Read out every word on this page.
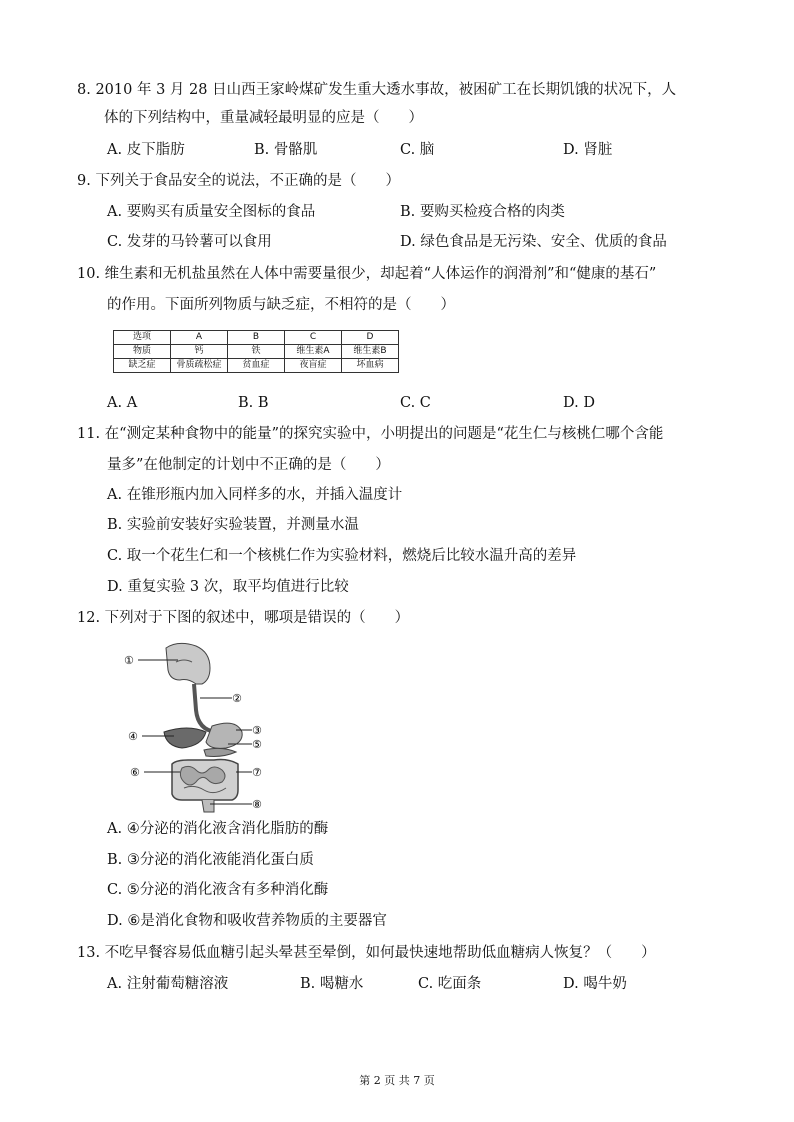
8. 2010 年 3 月 28 日山西王家岭煤矿发生重大透水事故，被困矿工在长期饥饿的状况下，人
体的下列结构中，重量减轻最明显的应是（　　）
A. 皮下脂肪	B. 骨骼肌	C. 脑	D. 肾脏
9. 下列关于食品安全的说法，不正确的是（　　）
A. 要购买有质量安全图标的食品	B. 要购买检疫合格的肉类
C. 发芽的马铃薯可以食用	D. 绿色食品是无污染、安全、优质的食品
10. 维生素和无机盐虽然在人体中需要量很少，却起着“人体运作的润滑剂”和“健康的基石”
的作用。下面所列物质与缺乏症，不相符的是（　　）
选项	A	B	C	D
物质	钙	铁	维生素A	维生素B
缺乏症	骨质疏松症	贫血症	夜盲症	坏血病
A. A	B. B	C. C	D. D
11. 在“测定某种食物中的能量”的探究实验中，小明提出的问题是“花生仁与核桃仁哪个含能
量多”在他制定的计划中不正确的是（　　）
A. 在锥形瓶内加入同样多的水，并插入温度计
B. 实验前安装好实验装置，并测量水温
C. 取一个花生仁和一个核桃仁作为实验材料，燃烧后比较水温升高的差异
D. 重复实验 3 次，取平均值进行比较
12. 下列对于下图的叙述中，哪项是错误的（　　）
①
②
③
④
⑤
⑥	⑦
⑧
A. ④分泌的消化液含消化脂肪的酶
B. ③分泌的消化液能消化蛋白质
C. ⑤分泌的消化液含有多种消化酶
D. ⑥是消化食物和吸收营养物质的主要器官
13. 不吃早餐容易低血糖引起头晕甚至晕倒，如何最快速地帮助低血糖病人恢复？（　　）
A. 注射葡萄糖溶液	B. 喝糖水	C. 吃面条	D. 喝牛奶
第 2 页 共 7 页
